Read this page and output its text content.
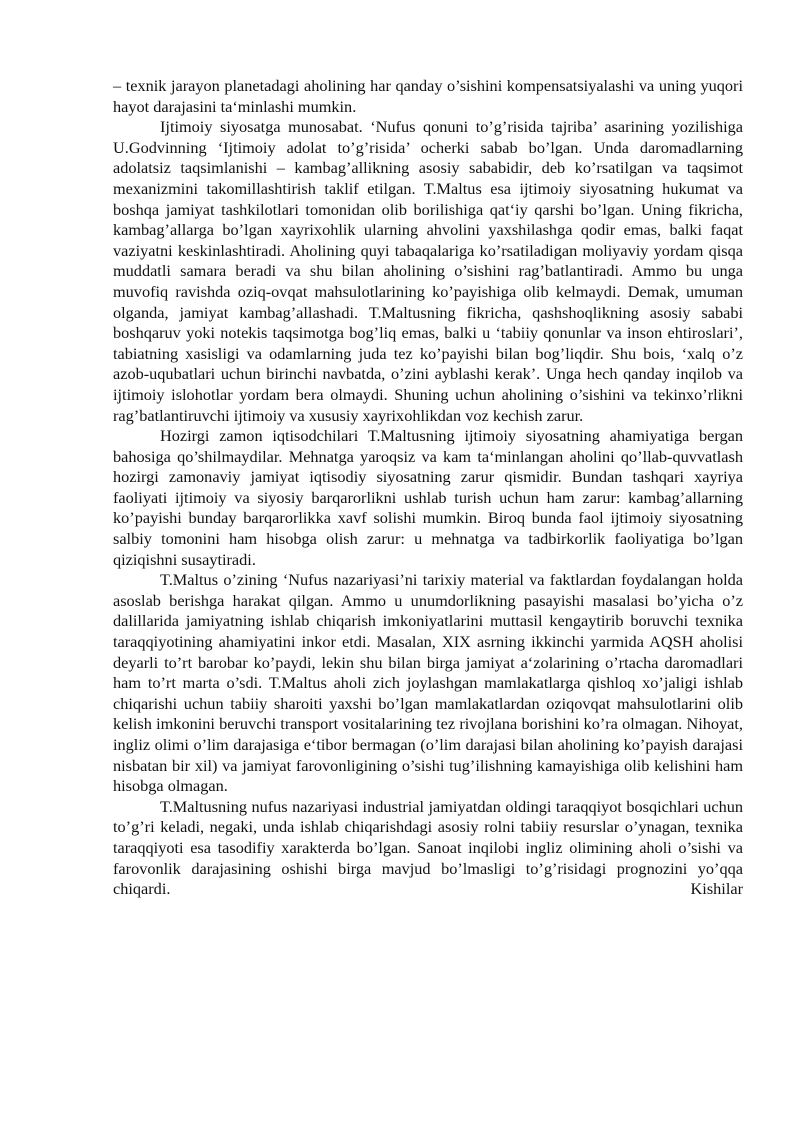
– texnik jarayon planetadagi aholining har qanday o’sishini kompensatsiyalashi va uning yuqori hayot darajasini ta‘minlashi mumkin.

Ijtimoiy siyosatga munosabat. ‘Nufus qonuni to’g’risida tajriba’ asarining yozilishiga U.Godvinning ‘Ijtimoiy adolat to’g’risida’ ocherki sabab bo’lgan. Unda daromadlarning adolatsiz taqsimlanishi – kambag’allikning asosiy sababidir, deb ko’rsatilgan va taqsimot mexanizmini takomillashtirish taklif etilgan. T.Maltus esa ijtimoiy siyosatning hukumat va boshqa jamiyat tashkilotlari tomonidan olib borilishiga qat‘iy qarshi bo’lgan. Uning fikricha, kambag’allarga bo’lgan xayrixohlik ularning ahvolini yaxshilashga qodir emas, balki faqat vaziyatni keskinlashtiradi. Aholining quyi tabaqalariga ko’rsatiladigan moliyaviy yordam qisqa muddatli samara beradi va shu bilan aholining o’sishini rag’batlantiradi. Ammo bu unga muvofiq ravishda oziq-ovqat mahsulotlarining ko’payishiga olib kelmaydi. Demak, umuman olganda, jamiyat kambag’allashadi. T.Maltusning fikricha, qashshoqlikning asosiy sababi boshqaruv yoki notekis taqsimotga bog’liq emas, balki u ‘tabiiy qonunlar va inson ehtiroslari’, tabiatning xasisligi va odamlarning juda tez ko’payishi bilan bog’liqdir. Shu bois, ‘xalq o’z azob-uqubatlari uchun birinchi navbatda, o’zini ayblashi kerak’. Unga hech qanday inqilob va ijtimoiy islohotlar yordam bera olmaydi. Shuning uchun aholining o’sishini va tekinxo’rlikni rag’batlantiruvchi ijtimoiy va xususiy xayrixohlikdan voz kechish zarur.

Hozirgi zamon iqtisodchilari T.Maltusning ijtimoiy siyosatning ahamiyatiga bergan bahosiga qo’shilmaydilar. Mehnatga yaroqsiz va kam ta‘minlangan aholini qo’llab-quvvatlash hozirgi zamonaviy jamiyat iqtisodiy siyosatning zarur qismidir. Bundan tashqari xayriya faoliyati ijtimoiy va siyosiy barqarorlikni ushlab turish uchun ham zarur: kambag’allarning ko’payishi bunday barqarorlikka xavf solishi mumkin. Biroq bunda faol ijtimoiy siyosatning salbiy tomonini ham hisobga olish zarur: u mehnatga va tadbirkorlik faoliyatiga bo’lgan qiziqishni susaytiradi.

T.Maltus o’zining ‘Nufus nazariyasi’ni tarixiy material va faktlardan foydalangan holda asoslab berishga harakat qilgan. Ammo u unumdorlikning pasayishi masalasi bo’yicha o’z dalillarida jamiyatning ishlab chiqarish imkoniyatlarini muttasil kengaytirib boruvchi texnika taraqqiyotining ahamiyatini inkor etdi. Masalan, XIX asrning ikkinchi yarmida AQSH aholisi deyarli to’rt barobar ko’paydi, lekin shu bilan birga jamiyat a‘zolarining o’rtacha daromadlari ham to’rt marta o’sdi. T.Maltus aholi zich joylashgan mamlakatlarga qishloq xo’jaligi ishlab chiqarishi uchun tabiiy sharoiti yaxshi bo’lgan mamlakatlardan oziqovqat mahsulotlarini olib kelish imkonini beruvchi transport vositalarining tez rivojlana borishini ko’ra olmagan. Nihoyat, ingliz olimi o’lim darajasiga e‘tibor bermagan (o’lim darajasi bilan aholining ko’payish darajasi nisbatan bir xil) va jamiyat farovonligining o’sishi tug’ilishning kamayishiga olib kelishini ham hisobga olmagan.

T.Maltusning nufus nazariyasi industrial jamiyatdan oldingi taraqqiyot bosqichlari uchun to’g’ri keladi, negaki, unda ishlab chiqarishdagi asosiy rolni tabiiy resurslar o’ynagan, texnika taraqqiyoti esa tasodifiy xarakterda bo’lgan. Sanoat inqilobi ingliz olimining aholi o’sishi va farovonlik darajasining oshishi birga mavjud bo’lmasligi to’g’risidagi prognozini yo’qqa chiqardi. Kishilar
